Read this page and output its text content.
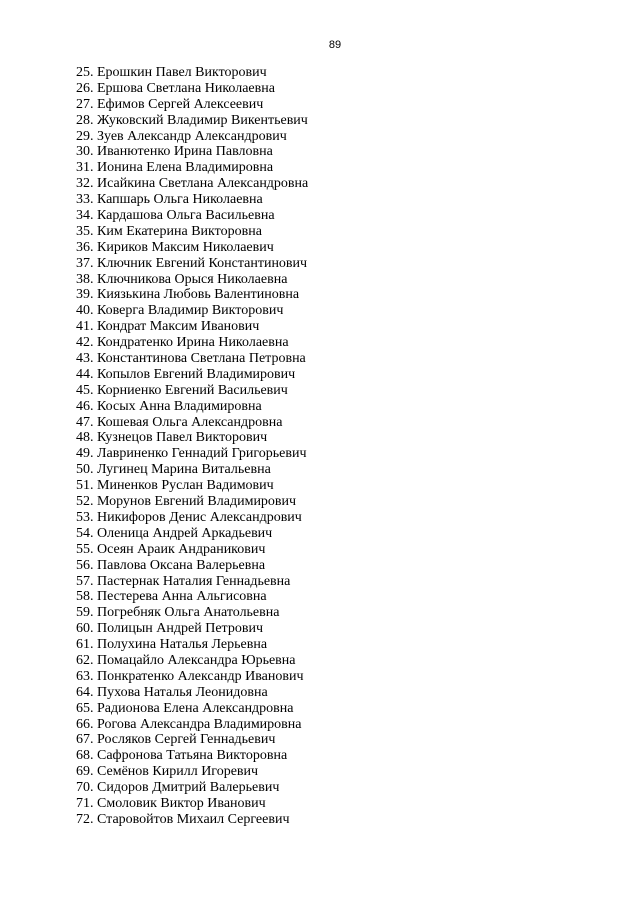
89
25. Ерошкин Павел Викторович
26. Ершова Светлана Николаевна
27. Ефимов Сергей Алексеевич
28. Жуковский Владимир Викентьевич
29. Зуев Александр Александрович
30. Иванютенко Ирина Павловна
31. Ионина Елена Владимировна
32. Исайкина Светлана Александровна
33. Капшарь Ольга Николаевна
34. Кардашова Ольга Васильевна
35. Ким Екатерина Викторовна
36. Кириков Максим Николаевич
37. Ключник Евгений Константинович
38. Ключникова Орыся Николаевна
39. Киязькина Любовь Валентиновна
40. Коверга Владимир Викторович
41. Кондрат Максим Иванович
42. Кондратенко Ирина Николаевна
43. Константинова Светлана Петровна
44. Копылов Евгений Владимирович
45. Корниенко Евгений Васильевич
46. Косых Анна Владимировна
47. Кошевая Ольга Александровна
48. Кузнецов Павел Викторович
49. Лавриненко Геннадий Григорьевич
50. Лугинец Марина Витальевна
51. Миненков Руслан Вадимович
52. Морунов Евгений Владимирович
53. Никифоров Денис Александрович
54. Оленица Андрей Аркадьевич
55. Осеян Араик Андраникович
56. Павлова Оксана Валерьевна
57. Пастернак Наталия Геннадьевна
58. Пестерева Анна Альгисовна
59. Погребняк Ольга Анатольевна
60. Полицын Андрей Петрович
61. Полухина Наталья Лерьевна
62. Помацайло Александра Юрьевна
63. Понкратенко Александр Иванович
64. Пухова Наталья Леонидовна
65. Радионова Елена Александровна
66. Рогова Александра Владимировна
67. Росляков Сергей Геннадьевич
68. Сафронова Татьяна Викторовна
69. Семёнов Кирилл Игоревич
70. Сидоров Дмитрий Валерьевич
71. Смоловик Виктор Иванович
72. Старовойтов Михаил Сергеевич
